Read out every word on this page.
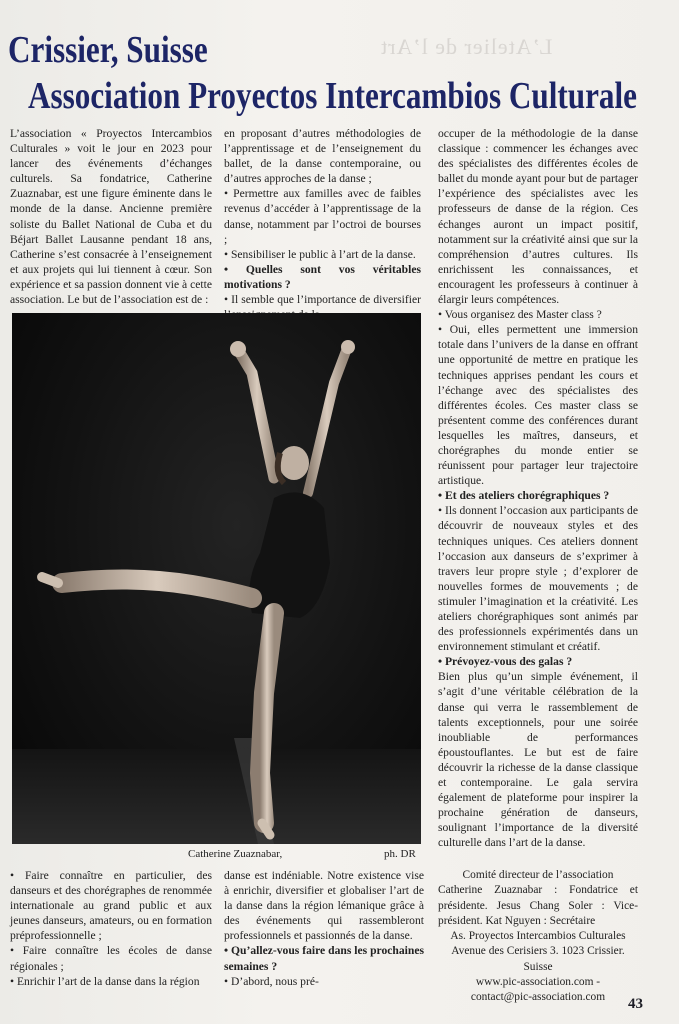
L’Atelier de l’Art
Crissier, Suisse
Association Proyectos Intercambios Culturale

L’association « Proyectos Intercambios Culturales » voit le jour en 2023 pour lancer des événements d’échanges culturels. Sa fondatrice, Catherine Zuaznabar, est une figure éminente dans le monde de la danse. Ancienne première soliste du Ballet National de Cuba et du Béjart Ballet Lausanne pendant 18 ans, Catherine s’est consacrée à l’enseignement et aux projets qui lui tiennent à cœur. Son expérience et sa passion donnent vie à cette association. Le but de l’association est de :

en proposant d’autres méthodologies de l’apprentissage et de l’enseignement du ballet, de la danse contemporaine, ou d’autres approches de la danse ;

• Permettre aux familles avec de faibles revenus d’accéder à l’apprentissage de la danse, notamment par l’octroi de bourses ;

• Sensibiliser le public à l’art de la danse.

• Quelles sont vos véritables motivations ?

• Il semble que l’importance de diversifier

occuper de la méthodologie de la danse classique : commencer les échanges avec des spécialistes des différentes écoles de ballet du monde ayant pour but de partager l’expérience des spécialistes avec les professeurs de danse de la région. Ces échanges auront un impact positif, notamment sur la créativité ainsi que sur la compréhension d’autres cultures. Ils enrichissent les connaissances, et encouragent les professeurs à continuer à élargir leurs compétences.

• Vous organisez des Master class ?

• Oui, elles permettent une immersion totale dans l’univers de la danse en offrant une opportunité de mettre en pratique les techniques apprises pendant les cours et l’échange avec des spécialistes des différentes écoles. Ces master class se présentent comme des conférences durant lesquelles les maîtres, danseurs, et chorégraphes du monde entier se réunissent pour partager leur trajectoire artistique.

• Et des ateliers chorégraphiques ?

• Ils donnent l’occasion aux participants de découvrir de nouveaux styles et des techniques uniques. Ces ateliers donnent l’occasion aux danseurs de s’exprimer à travers leur propre style ; d’explorer de nouvelles formes de mouvements ; de stimuler l’imagination et la créativité. Les ateliers chorégraphiques sont animés par des professionnels expérimentés dans un environnement stimulant et créatif.

• Prévoyez-vous des galas ?

Bien plus qu’un simple événement, il s’agit d’une véritable célébration de la danse qui verra le rassemblement de talents exceptionnels, pour une soirée inoubliable de performances époustouflantes. Le but est de faire découvrir la richesse de la danse classique et contemporaine. Le gala servira également de plateforme pour inspirer la prochaine génération de danseurs, soulignant l’importance de la diversité culturelle dans l’art de la danse.

Catherine Zuaznabar,	ph. DR

• Faire connaître en particulier, des danseurs et des chorégraphes de renommée internationale au grand public et aux jeunes danseurs, amateurs, ou en formation préprofessionnelle ;

• Faire connaître les écoles de danse régionales ;

• Enrichir l’art de la danse dans la région

danse est indéniable. Notre existence vise à enrichir, diversifier et globaliser l’art de la danse dans la région lémanique grâce à des événements qui rassembleront professionnels et passionnés de la danse.

• Qu’allez-vous faire dans les prochaines semaines ?

• D’abord, nous pré-

Comité directeur de l’association

Catherine Zuaznabar : Fondatrice et présidente. Jesus Chang Soler : Vice-président. Kat Nguyen : Secrétaire

As. Proyectos Intercambios Culturales

Avenue des Cerisiers 3. 1023 Crissier. Suisse

www.pic-association.com -

contact@pic-association.com	43
